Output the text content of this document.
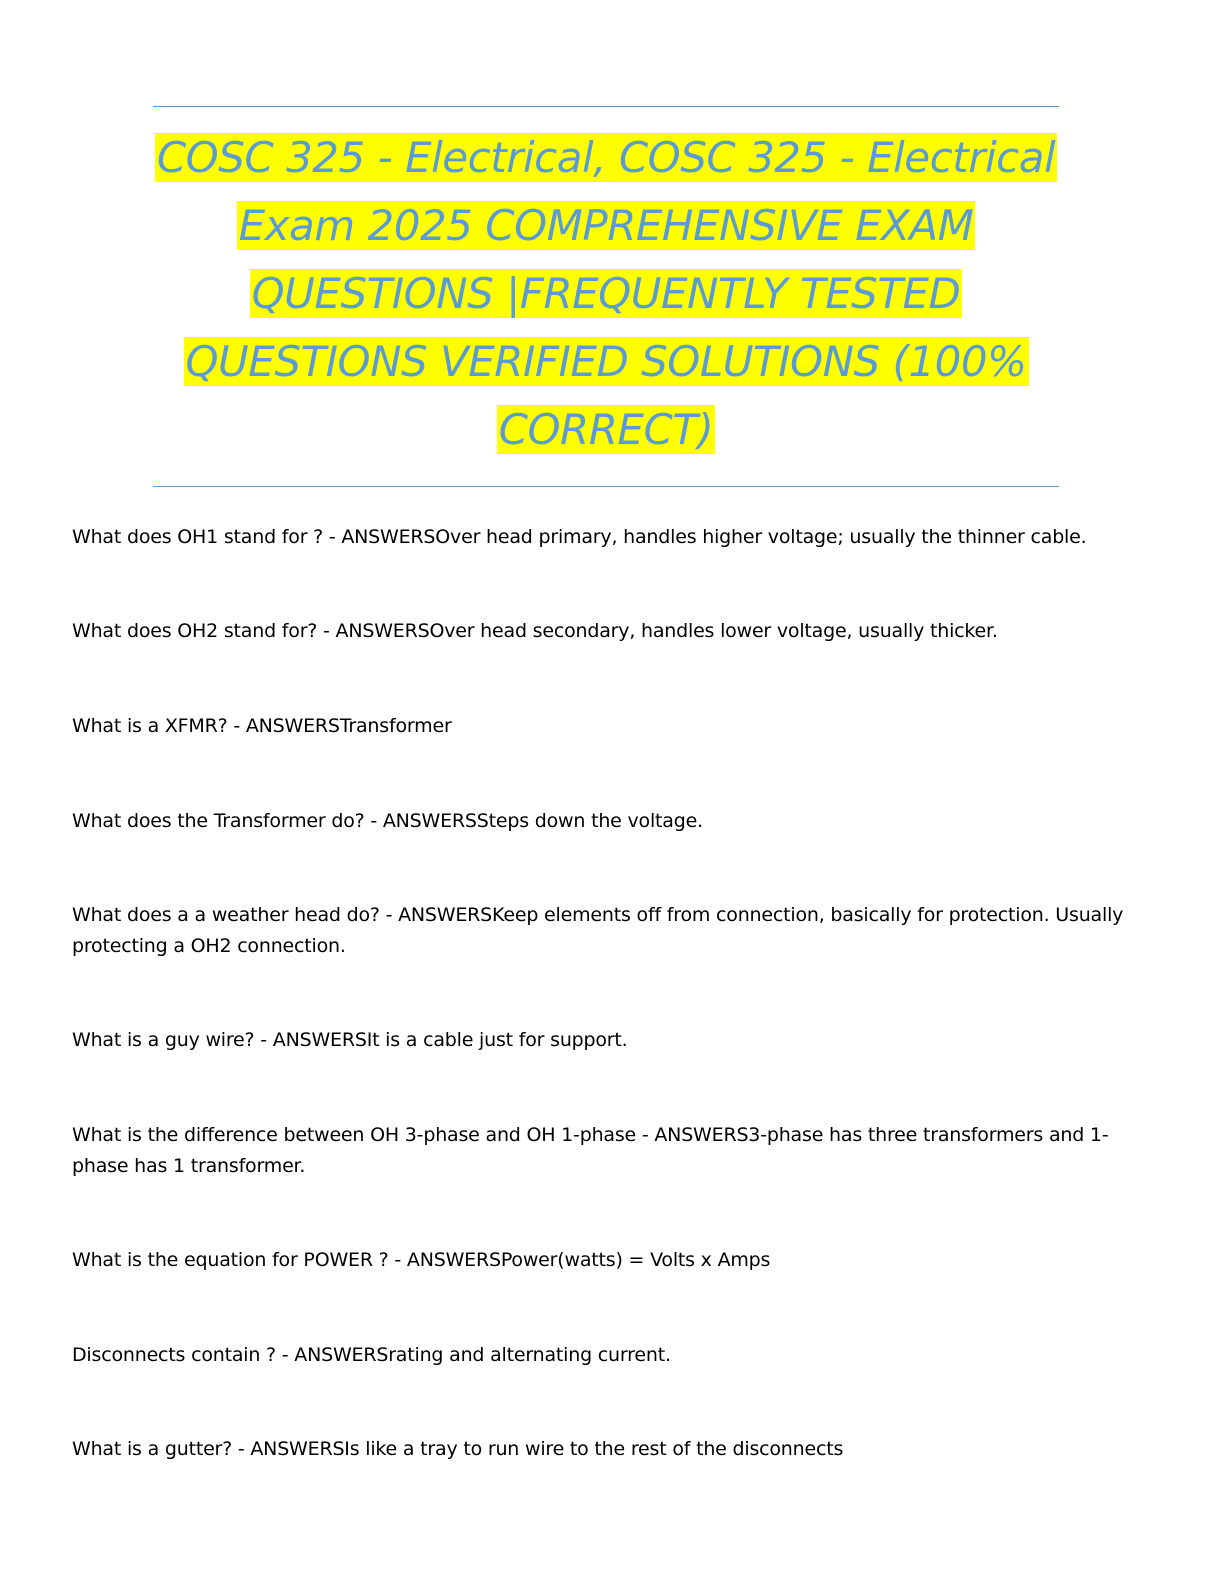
COSC 325 - Electrical, COSC 325 - Electrical
Exam 2025 COMPREHENSIVE EXAM
QUESTIONS |FREQUENTLY TESTED
QUESTIONS VERIFIED SOLUTIONS (100%
CORRECT)

What does OH1 stand for ? - ANSWERSOver head primary, handles higher voltage; usually the thinner cable.

What does OH2 stand for? - ANSWERSOver head secondary, handles lower voltage, usually thicker.

What is a XFMR? - ANSWERSTransformer

What does the Transformer do? - ANSWERSSteps down the voltage.

What does a a weather head do? - ANSWERSKeep elements off from connection, basically for protection. Usually protecting a OH2 connection.

What is a guy wire? - ANSWERSIt is a cable just for support.

What is the difference between OH 3-phase and OH 1-phase - ANSWERS3-phase has three transformers and 1-phase has 1 transformer.

What is the equation for POWER ? - ANSWERSPower(watts) = Volts x Amps

Disconnects contain ? - ANSWERSrating and alternating current.

What is a gutter? - ANSWERSIs like a tray to run wire to the rest of the disconnects
